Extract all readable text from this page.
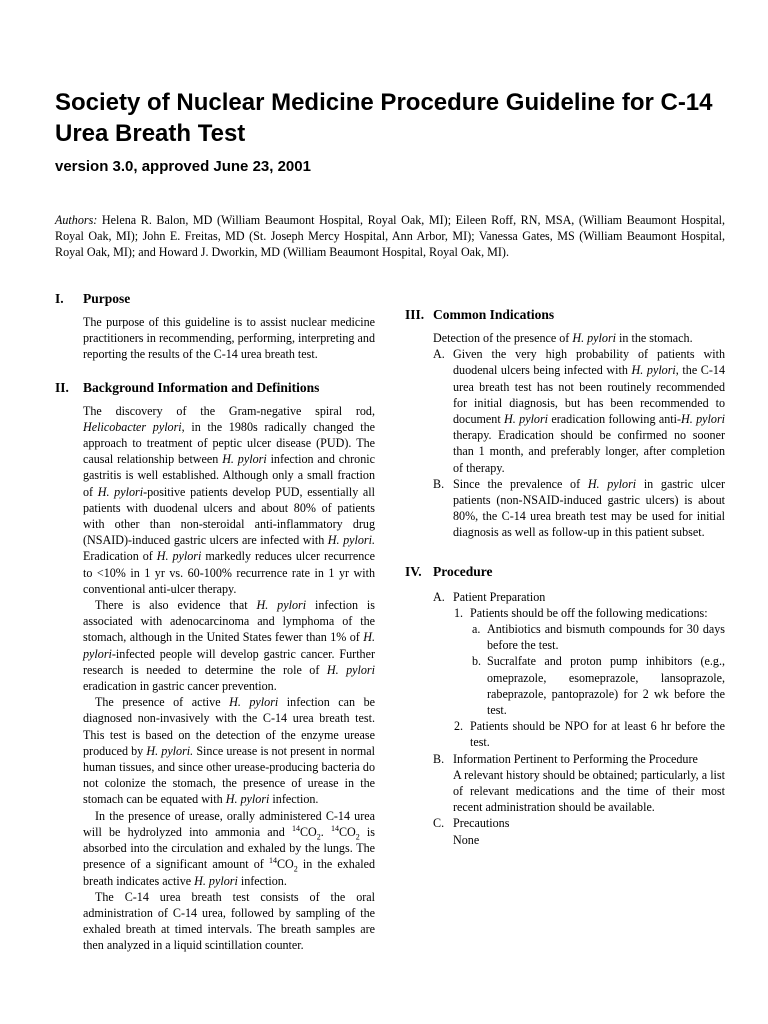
Society of Nuclear Medicine Procedure Guideline for C-14 Urea Breath Test
version 3.0, approved June 23, 2001

Authors: Helena R. Balon, MD (William Beaumont Hospital, Royal Oak, MI); Eileen Roff, RN, MSA, (William Beaumont Hospital, Royal Oak, MI); John E. Freitas, MD (St. Joseph Mercy Hospital, Ann Arbor, MI); Vanessa Gates, MS (William Beaumont Hospital, Royal Oak, MI); and Howard J. Dworkin, MD (William Beaumont Hospital, Royal Oak, MI).

I. Purpose

The purpose of this guideline is to assist nuclear medicine practitioners in recommending, performing, interpreting and reporting the results of the C-14 urea breath test.

II. Background Information and Definitions

The discovery of the Gram-negative spiral rod, Helicobacter pylori, in the 1980s radically changed the approach to treatment of peptic ulcer disease (PUD). The causal relationship between H. pylori infection and chronic gastritis is well established. Although only a small fraction of H. pylori-positive patients develop PUD, essentially all patients with duodenal ulcers and about 80% of patients with other than non-steroidal anti-inflammatory drug (NSAID)-induced gastric ulcers are infected with H. pylori. Eradication of H. pylori markedly reduces ulcer recurrence to <10% in 1 yr vs. 60-100% recurrence rate in 1 yr with conventional anti-ulcer therapy.

There is also evidence that H. pylori infection is associated with adenocarcinoma and lymphoma of the stomach, although in the United States fewer than 1% of H. pylori-infected people will develop gastric cancer. Further research is needed to determine the role of H. pylori eradication in gastric cancer prevention.

The presence of active H. pylori infection can be diagnosed non-invasively with the C-14 urea breath test. This test is based on the detection of the enzyme urease produced by H. pylori. Since urease is not present in normal human tissues, and since other urease-producing bacteria do not colonize the stomach, the presence of urease in the stomach can be equated with H. pylori infection.

In the presence of urease, orally administered C-14 urea will be hydrolyzed into ammonia and $^{14}CO_2$. $^{14}CO_2$ is absorbed into the circulation and exhaled by the lungs. The presence of a significant amount of $^{14}CO_2$ in the exhaled breath indicates active H. pylori infection.

The C-14 urea breath test consists of the oral administration of C-14 urea, followed by sampling of the exhaled breath at timed intervals. The breath samples are then analyzed in a liquid scintillation counter.

III. Common Indications

Detection of the presence of H. pylori in the stomach.

A. Given the very high probability of patients with duodenal ulcers being infected with H. pylori, the C-14 urea breath test has not been routinely recommended for initial diagnosis, but has been recommended to document H. pylori eradication following anti-H. pylori therapy. Eradication should be confirmed no sooner than 1 month, and preferably longer, after completion of therapy.
B. Since the prevalence of H. pylori in gastric ulcer patients (non-NSAID-induced gastric ulcers) is about 80%, the C-14 urea breath test may be used for initial diagnosis as well as follow-up in this patient subset.
IV. Procedure
A. Patient Preparation
1. Patients should be off the following medications:
a. Antibiotics and bismuth compounds for 30 days before the test.
b. Sucralfate and proton pump inhibitors (e.g., omeprazole, esomeprazole, lansoprazole, rabeprazole, pantoprazole) for 2 wk before the test.
2. Patients should be NPO for at least 6 hr before the test.
B. Information Pertinent to Performing the Procedure

A relevant history should be obtained; particularly, a list of relevant medications and the time of their most recent administration should be available.

C. Precautions

None
